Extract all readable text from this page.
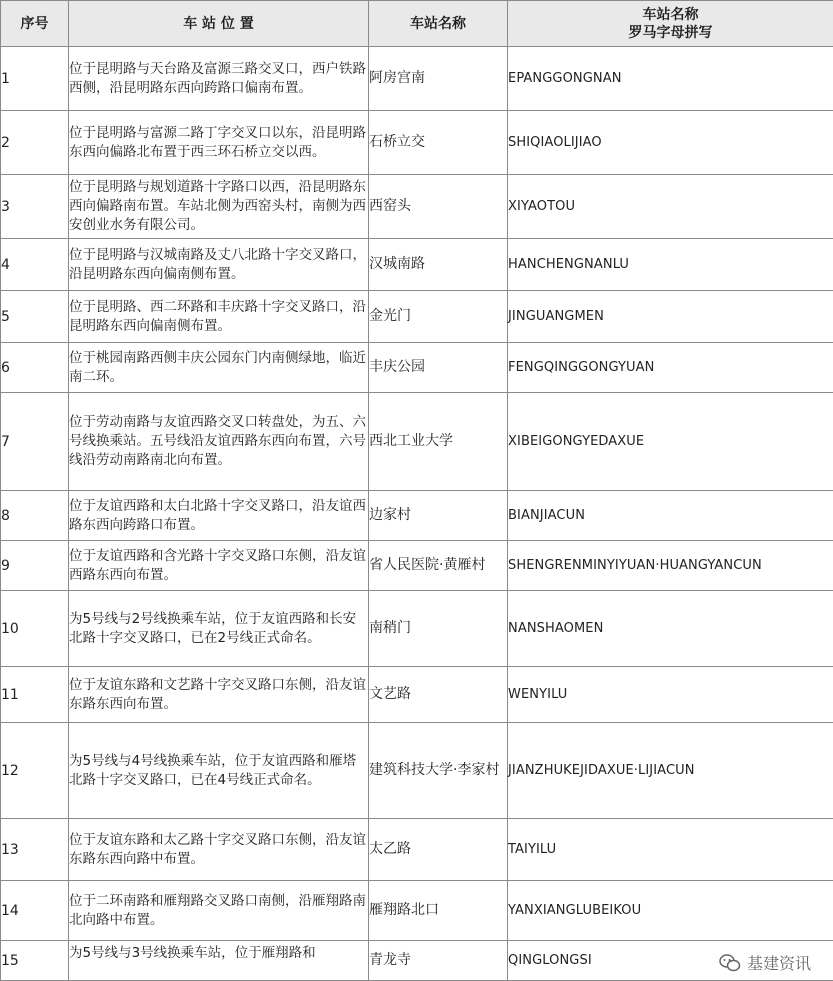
序号	车 站 位 置	车站名称	车站名称
罗马字母拼写

1	位于昆明路与天台路及富源三路交叉口，西户铁路西侧，沿昆明路东西向跨路口偏南布置。	阿房宫南	EPANGGONGNAN
2	位于昆明路与富源二路丁字交叉口以东，沿昆明路东西向偏路北布置于西三环石桥立交以西。	石桥立交	SHIQIAOLIJIAO
3	位于昆明路与规划道路十字路口以西，沿昆明路东西向偏路南布置。车站北侧为西窑头村，南侧为西安创业水务有限公司。	西窑头	XIYAOTOU
4	位于昆明路与汉城南路及丈八北路十字交叉路口，沿昆明路东西向偏南侧布置。	汉城南路	HANCHENGNANLU
5	位于昆明路、西二环路和丰庆路十字交叉路口，沿昆明路东西向偏南侧布置。	金光门	JINGUANGMEN
6	位于桃园南路西侧丰庆公园东门内南侧绿地，临近南二环。	丰庆公园	FENGQINGGONGYUAN
7	位于劳动南路与友谊西路交叉口转盘处，为五、六号线换乘站。五号线沿友谊西路东西向布置，六号线沿劳动南路南北向布置。	西北工业大学	XIBEIGONGYEDAXUE
8	位于友谊西路和太白北路十字交叉路口，沿友谊西路东西向跨路口布置。	边家村	BIANJIACUN
9	位于友谊西路和含光路十字交叉路口东侧，沿友谊西路东西向布置。	省人民医院·黄雁村	SHENGRENMINYIYUAN·HUANGYANCUN
10	为5号线与2号线换乘车站，位于友谊西路和长安北路十字交叉路口，已在2号线正式命名。	南稍门	NANSHAOMEN
11	位于友谊东路和文艺路十字交叉路口东侧，沿友谊东路东西向布置。	文艺路	WENYILU
12	为5号线与4号线换乘车站，位于友谊西路和雁塔北路十字交叉路口，已在4号线正式命名。	建筑科技大学·李家村	JIANZHUKEJIDAXUE·LIJIACUN
13	位于友谊东路和太乙路十字交叉路口东侧，沿友谊东路东西向路中布置。	太乙路	TAIYILU
14	位于二环南路和雁翔路交叉路口南侧，沿雁翔路南北向路中布置。	雁翔路北口	YANXIANGLUBEIKOU
15	为5号线与3号线换乘车站，位于雁翔路和	青龙寺	QINGLONGSI	基建资讯
